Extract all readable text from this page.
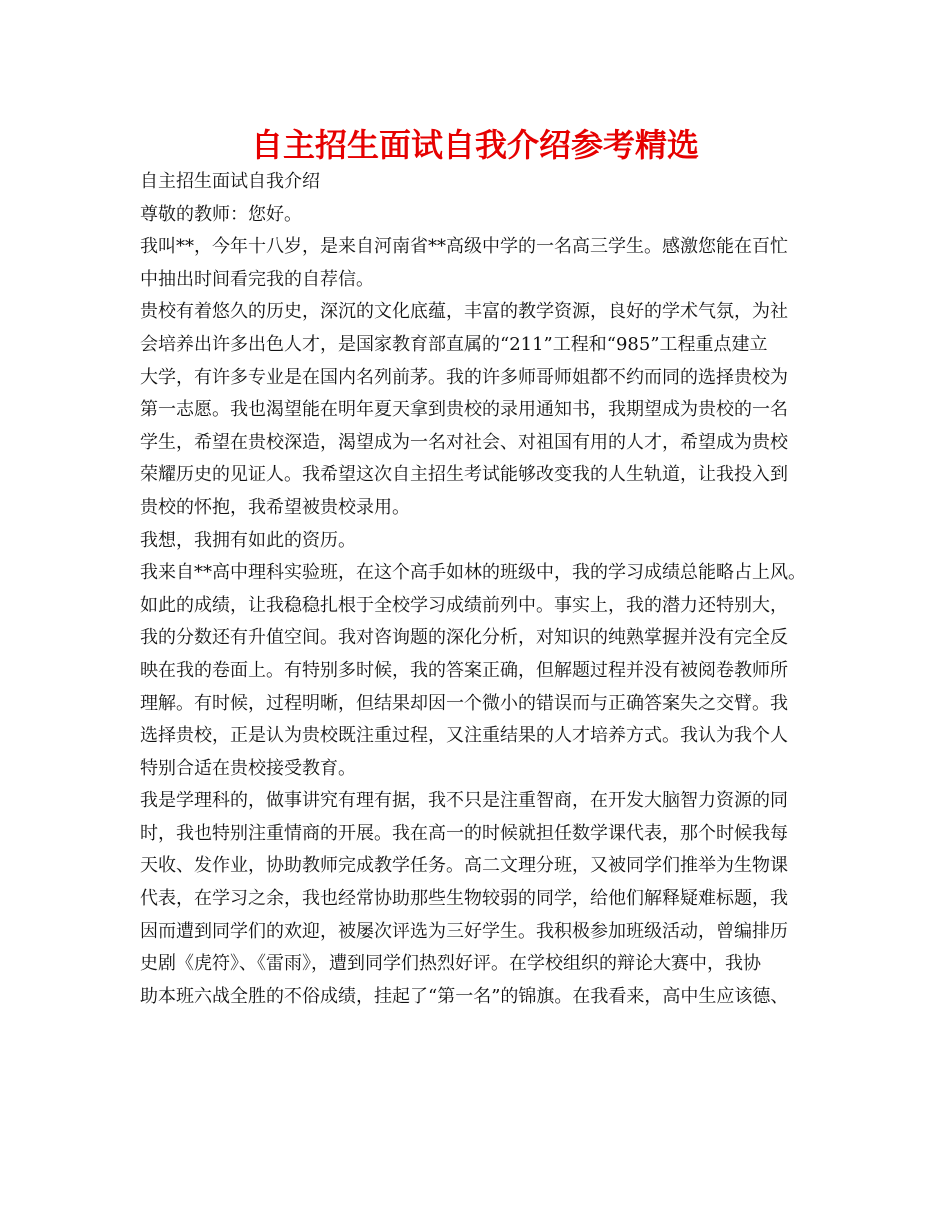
自主招生面试自我介绍参考精选
自主招生面试自我介绍
尊敬的教师：您好。
我叫**，今年十八岁，是来自河南省**高级中学的一名高三学生。感激您能在百忙
中抽出时间看完我的自荐信。
贵校有着悠久的历史，深沉的文化底蕴，丰富的教学资源，良好的学术气氛，为社
会培养出许多出色人才，是国家教育部直属的“211”工程和“985”工程重点建立
大学，有许多专业是在国内名列前茅。我的许多师哥师姐都不约而同的选择贵校为
第一志愿。我也渴望能在明年夏天拿到贵校的录用通知书，我期望成为贵校的一名
学生，希望在贵校深造，渴望成为一名对社会、对祖国有用的人才，希望成为贵校
荣耀历史的见证人。我希望这次自主招生考试能够改变我的人生轨道，让我投入到
贵校的怀抱，我希望被贵校录用。
我想，我拥有如此的资历。
我来自**高中理科实验班，在这个高手如林的班级中，我的学习成绩总能略占上风。
如此的成绩，让我稳稳扎根于全校学习成绩前列中。事实上，我的潜力还特别大，
我的分数还有升值空间。我对咨询题的深化分析，对知识的纯熟掌握并没有完全反
映在我的卷面上。有特别多时候，我的答案正确，但解题过程并没有被阅卷教师所
理解。有时候，过程明晰，但结果却因一个微小的错误而与正确答案失之交臂。我
选择贵校，正是认为贵校既注重过程，又注重结果的人才培养方式。我认为我个人
特别合适在贵校接受教育。
我是学理科的，做事讲究有理有据，我不只是注重智商，在开发大脑智力资源的同
时，我也特别注重情商的开展。我在高一的时候就担任数学课代表，那个时候我每
天收、发作业，协助教师完成教学任务。高二文理分班，又被同学们推举为生物课
代表，在学习之余，我也经常协助那些生物较弱的同学，给他们解释疑难标题，我
因而遭到同学们的欢迎，被屡次评选为三好学生。我积极参加班级活动，曾编排历
史剧《虎符》、《雷雨》，遭到同学们热烈好评。在学校组织的辩论大赛中，我协
助本班六战全胜的不俗成绩，挂起了“第一名”的锦旗。在我看来，高中生应该德、
